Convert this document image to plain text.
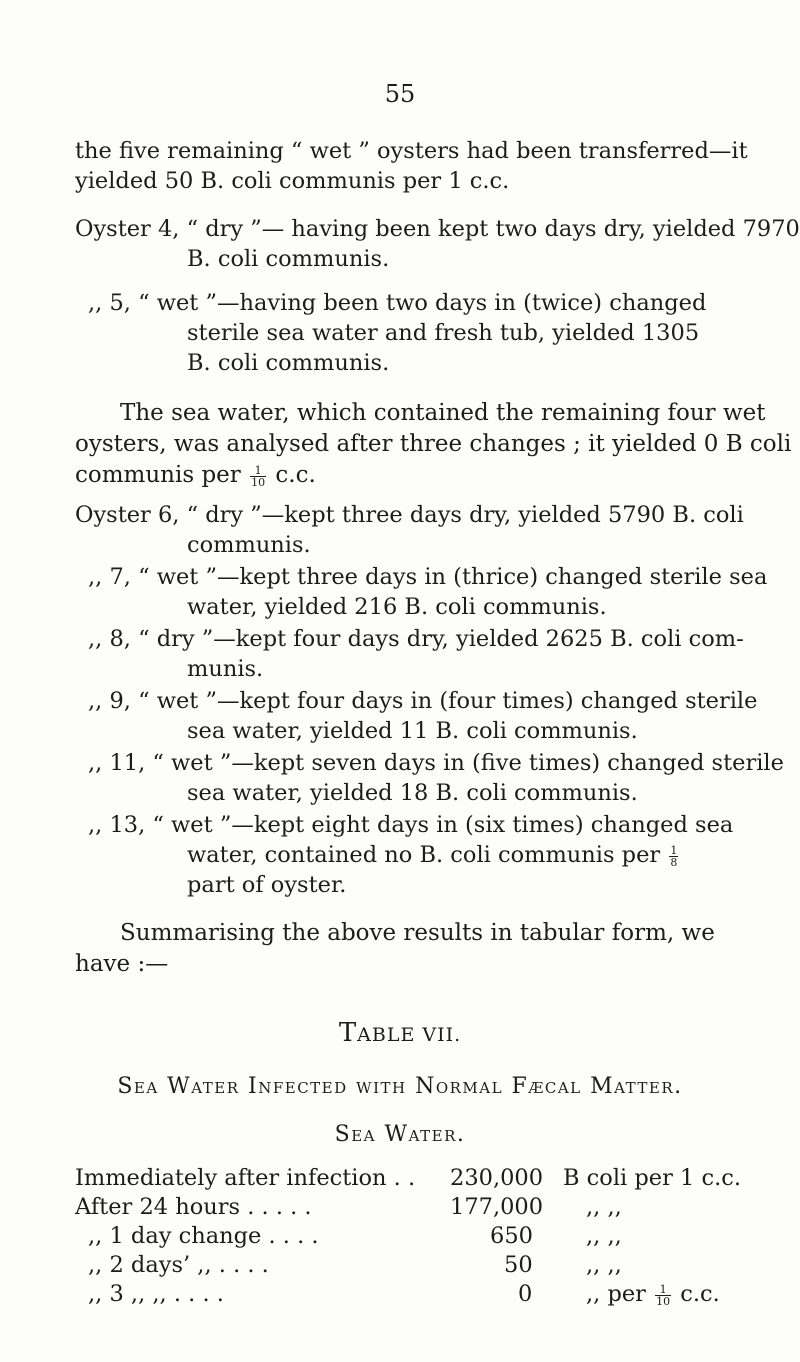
55
the five remaining “ wet ” oysters had been transferred—it
yielded 50 B. coli communis per 1 c.c.
Oyster 4, “ dry ”— having been kept two days dry, yielded 7970
B. coli communis.
,, 5, “ wet ”—having been two days in (twice) changed
sterile sea water and fresh tub, yielded 1305
B. coli communis.
The sea water, which contained the remaining four wet
oysters, was analysed after three changes ; it yielded 0 B coli
communis per $\frac{1}{10} c.c$.
Oyster 6, “ dry ”—kept three days dry, yielded 5790 B. coli
communis.
,, 7, “ wet ”—kept three days in (thrice) changed sterile sea
water, yielded 216 B. coli communis.
,, 8, “ dry ”—kept four days dry, yielded 2625 B. coli com-
munis.
,, 9, “ wet ”—kept four days in (four times) changed sterile
sea water, yielded 11 B. coli communis.
,, 11, “ wet ”—kept seven days in (five times) changed sterile
sea water, yielded 18 B. coli communis.
,, 13, “ wet ”—kept eight days in (six times) changed sea
water, contained no B. coli communis per $\frac{1}{8}$
part of oyster.
Summarising the above results in tabular form, we
have :—
TABLE VII.
Sea Water Infected with Normal Fæcal Matter.
Sea Water.
Immediately after infection . . 230,000 B coli per 1 c.c.
After 24 hours . . . . .	177,000 ,, ,,
,, 1 day change . . . .	650 ,, ,,
,, 2 days’ ,, . . . .	50 ,, ,,
,, 3 ,, ,, . . . .	0 ,, per $\frac{1}{10} c.c$.
